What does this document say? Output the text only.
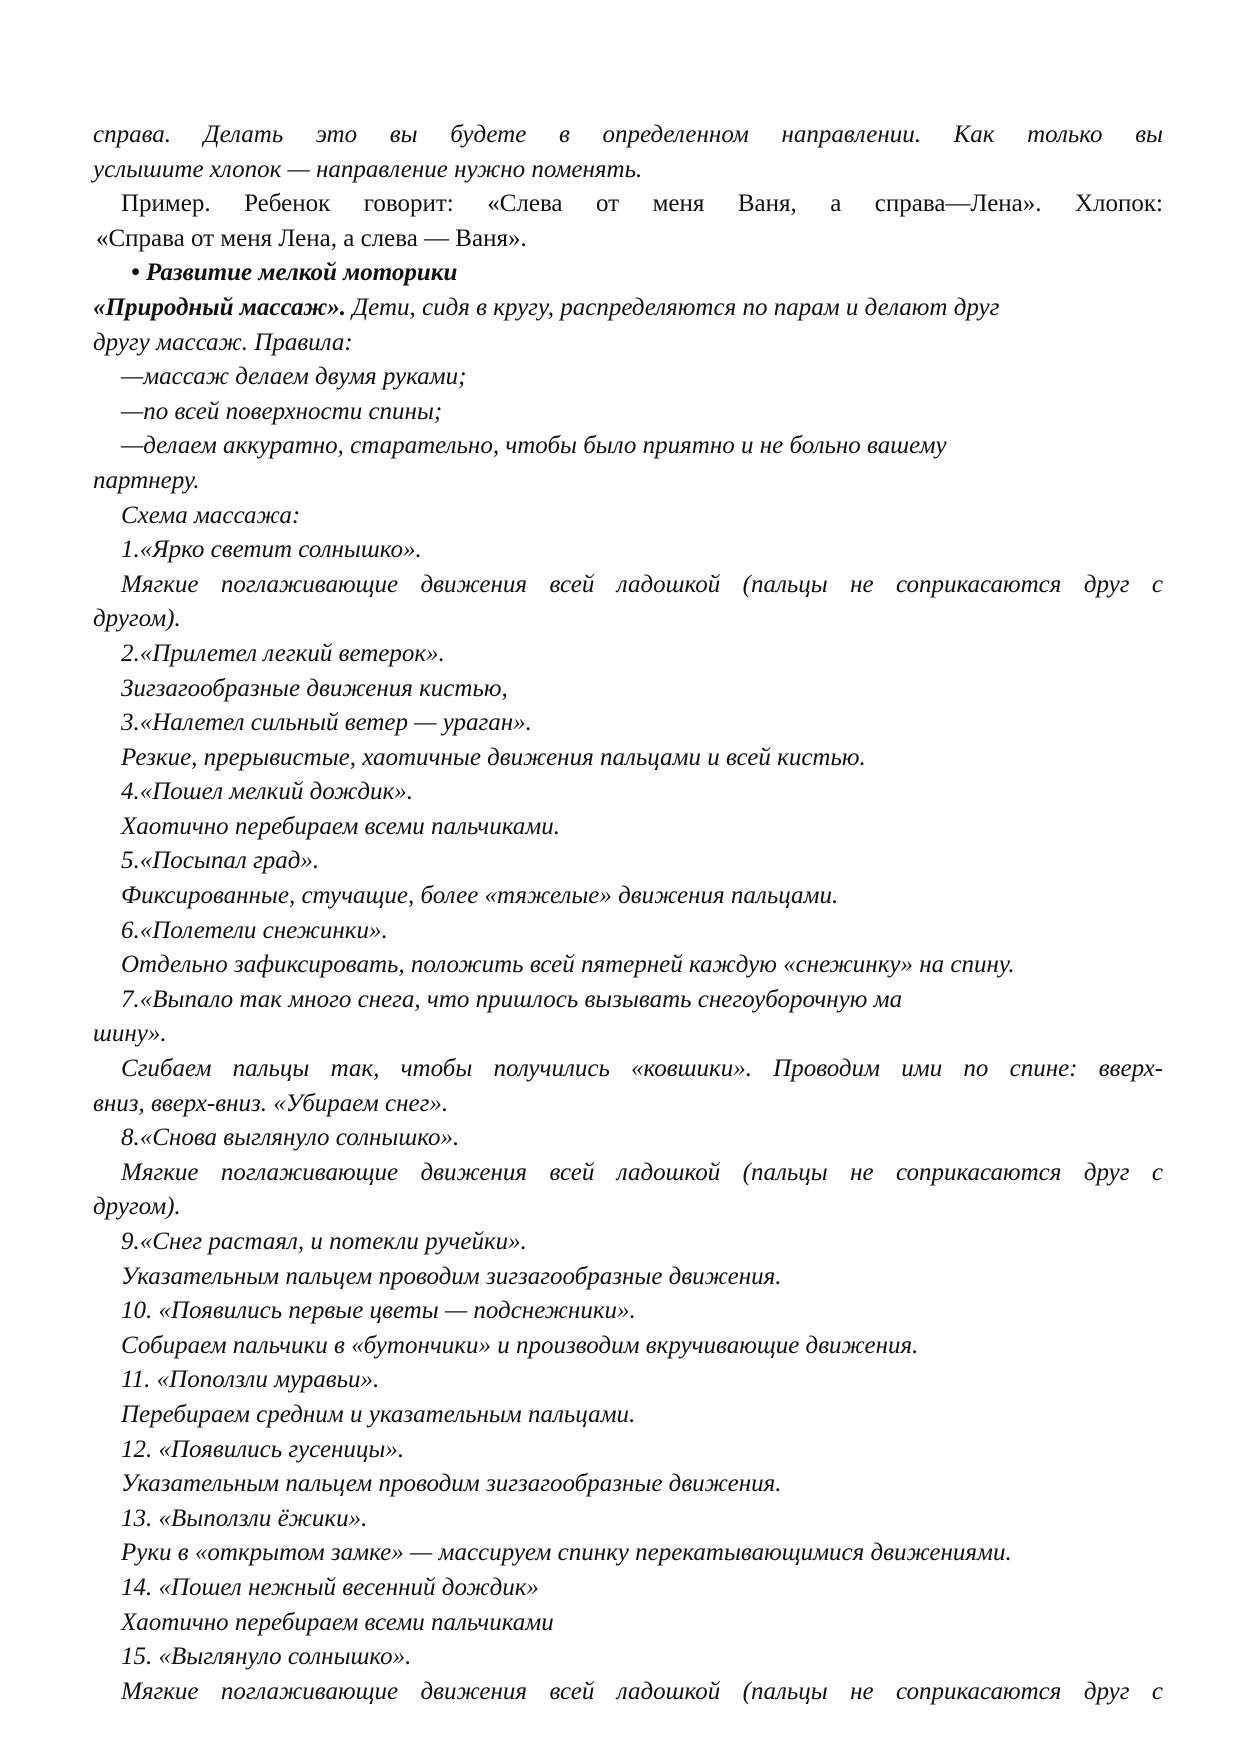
справа. Делать это вы будете в определенном направлении. Как только вы
услышите хлопок — направление нужно поменять.
Пример. Ребенок говорит: «Слева от меня Ваня, а справа—Лена». Хлопок:
«Справа от меня Лена, а слева — Ваня».
• Развитие мелкой моторики
«Природный массаж». Дети, сидя в кругу, распределяются по парам и делают друг
другу массаж. Правила:
—массаж делаем двумя руками;
—по всей поверхности спины;
—делаем аккуратно, старательно, чтобы было приятно и не больно вашему
партнеру.
Схема массажа:
1.«Ярко светит солнышко».
Мягкие поглаживающие движения всей ладошкой (пальцы не соприкасаются друг с
другом).
2.«Прилетел легкий ветерок».
Зигзагообразные движения кистью,
3.«Налетел сильный ветер — ураган».
Резкие, прерывистые, хаотичные движения пальцами и всей кистью.
4.«Пошел мелкий дождик».
Хаотично перебираем всеми пальчиками.
5.«Посыпал град».
Фиксированные, стучащие, более «тяжелые» движения пальцами.
6.«Полетели снежинки».
Отдельно зафиксировать, положить всей пятерней каждую «снежинку» на спину.
7.«Выпало так много снега, что пришлось вызывать снегоуборочную ма
шину».
Сгибаем пальцы так, чтобы получились «ковшики». Проводим ими по спине: вверх-
вниз, вверх-вниз. «Убираем снег».
8.«Снова выглянуло солнышко».
Мягкие поглаживающие движения всей ладошкой (пальцы не соприкасаются друг с
другом).
9.«Снег растаял, и потекли ручейки».
Указательным пальцем проводим зигзагообразные движения.
10. «Появились первые цветы — подснежники».
Собираем пальчики в «бутончики» и производим вкручивающие движения.
11. «Поползли муравьи».
Перебираем средним и указательным пальцами.
12. «Появились гусеницы».
Указательным пальцем проводим зигзагообразные движения.
13. «Выползли ёжики».
Руки в «открытом замке» — массируем спинку перекатывающимися движениями.
14. «Пошел нежный весенний дождик»
Хаотично перебираем всеми пальчиками
15. «Выглянуло солнышко».
Мягкие поглаживающие движения всей ладошкой (пальцы не соприкасаются друг с
